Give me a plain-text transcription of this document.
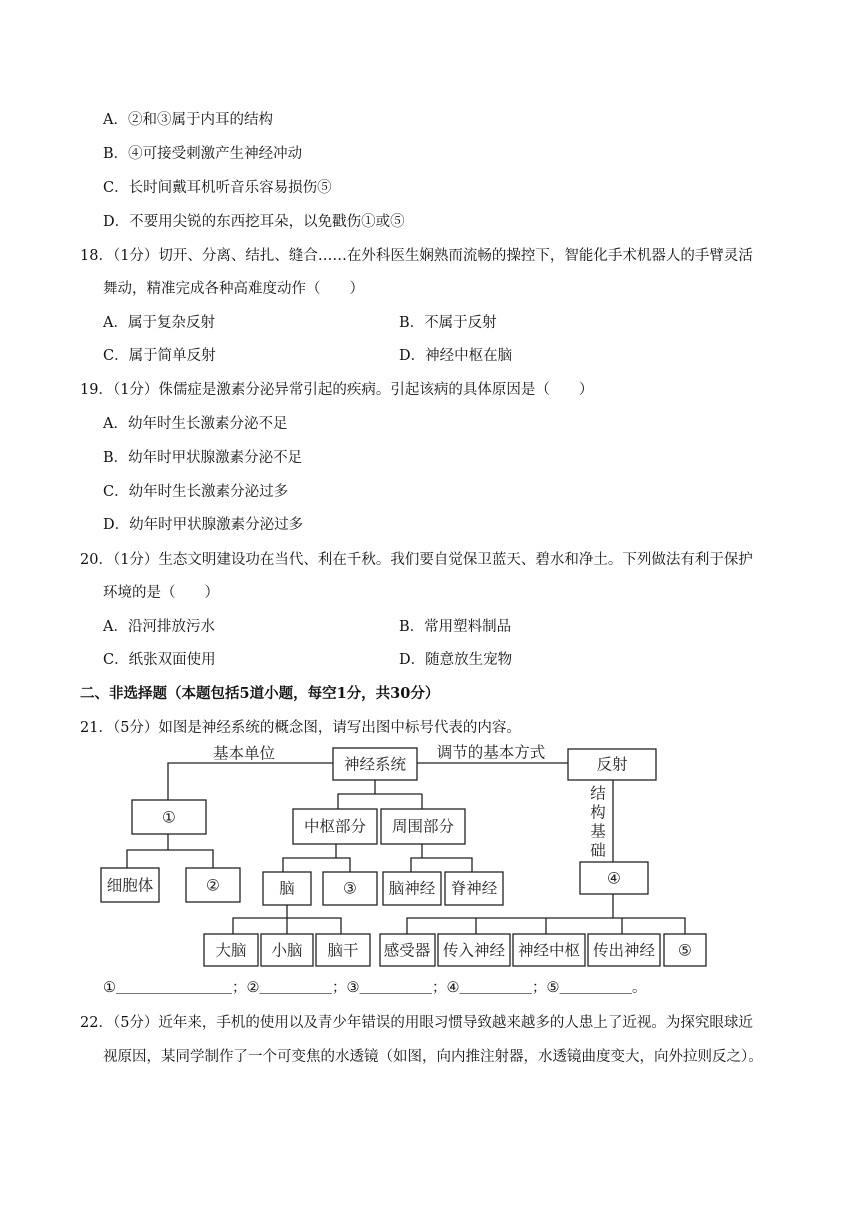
A．②和③属于内耳的结构
B．④可接受刺激产生神经冲动
C．长时间戴耳机听音乐容易损伤⑤
D．不要用尖锐的东西挖耳朵，以免戳伤①或⑤
18．（1分）切开、分离、结扎、缝合……在外科医生娴熟而流畅的操控下，智能化手术机器人的手臂灵活
舞动，精准完成各种高难度动作（　　）
A．属于复杂反射	B．不属于反射
C．属于简单反射	D．神经中枢在脑
19．（1分）侏儒症是激素分泌异常引起的疾病。引起该病的具体原因是（　　）
A．幼年时生长激素分泌不足
B．幼年时甲状腺激素分泌不足
C．幼年时生长激素分泌过多
D．幼年时甲状腺激素分泌过多
20．（1分）生态文明建设功在当代、利在千秋。我们要自觉保卫蓝天、碧水和净土。下列做法有利于保护
环境的是（　　）
A．沿河排放污水	B．常用塑料制品
C．纸张双面使用	D．随意放生宠物
二、非选择题（本题包括5道小题，每空1分，共30分）
21．（5分）如图是神经系统的概念图，请写出图中标号代表的内容。
神经系统
基本单位	调节的基本方式
反射
①
细胞体	②
中枢部分 周围部分
脑	③ 脑神经 脊神经
大脑 小脑 脑干
结
构
基
础
④
感受器 传入神经 神经中枢 传出神经 ⑤
①＿＿＿＿＿＿＿＿；②＿＿＿＿＿；③＿＿＿＿＿；④＿＿＿＿＿；⑤＿＿＿＿＿。
22．（5分）近年来，手机的使用以及青少年错误的用眼习惯导致越来越多的人患上了近视。为探究眼球近
视原因，某同学制作了一个可变焦的水透镜（如图，向内推注射器，水透镜曲度变大，向外拉则反之）。
